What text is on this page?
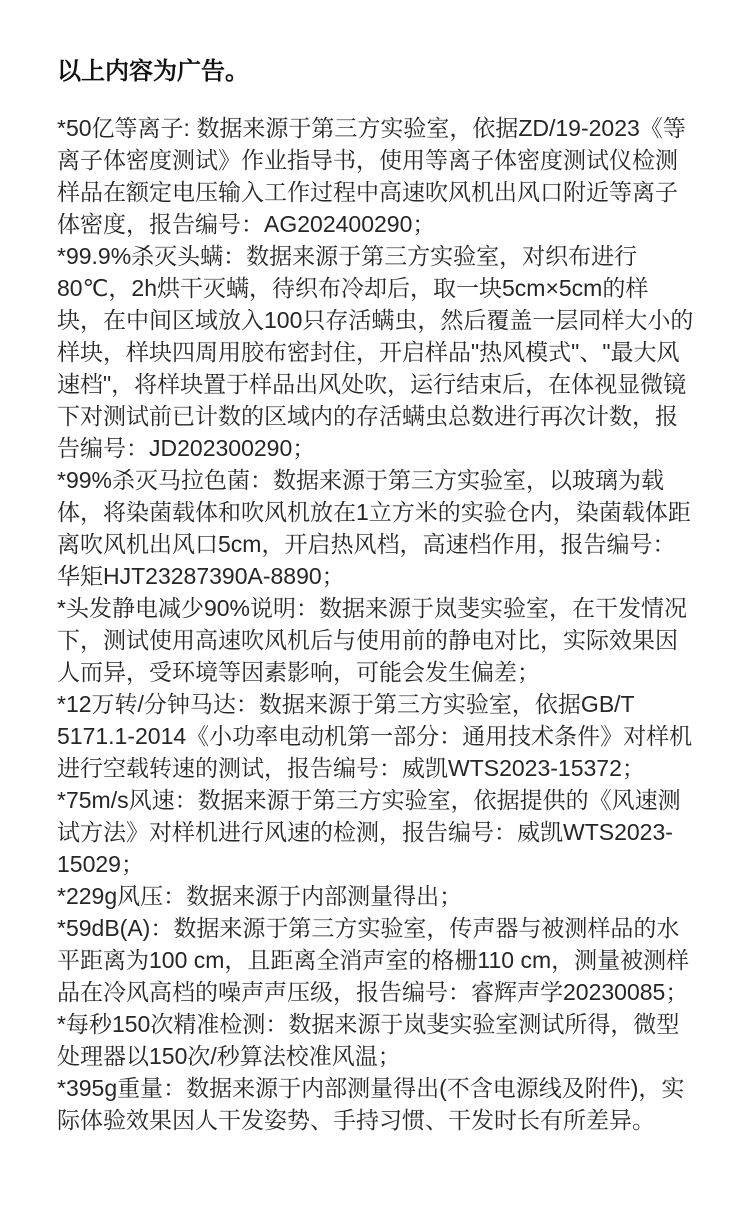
以上内容为广告。

*50亿等离子: 数据来源于第三方实验室，依据ZD/19-2023《等离子体密度测试》作业指导书，使用等离子体密度测试仪检测样品在额定电压输入工作过程中高速吹风机出风口附近等离子体密度，报告编号：AG202400290；

*99.9%杀灭头螨：数据来源于第三方实验室，对织布进行80℃，2h烘干灭螨，待织布冷却后，取一块5cm×5cm的样块，在中间区域放入100只存活螨虫，然后覆盖一层同样大小的样块，样块四周用胶布密封住，开启样品"热风模式"、"最大风速档"，将样块置于样品出风处吹，运行结束后，在体视显微镜下对测试前已计数的区域内的存活螨虫总数进行再次计数，报告编号：JD202300290；

*99%杀灭马拉色菌：数据来源于第三方实验室，以玻璃为载体，将染菌载体和吹风机放在1立方米的实验仓内，染菌载体距离吹风机出风口5cm，开启热风档，高速档作用，报告编号：华矩HJT23287390A-8890；

*头发静电减少90%说明：数据来源于岚斐实验室，在干发情况下，测试使用高速吹风机后与使用前的静电对比，实际效果因人而异，受环境等因素影响，可能会发生偏差；

*12万转/分钟马达：数据来源于第三方实验室，依据GB/T 5171.1-2014《小功率电动机第一部分：通用技术条件》对样机进行空载转速的测试，报告编号：威凯WTS2023-15372；

*75m/s风速：数据来源于第三方实验室，依据提供的《风速测试方法》对样机进行风速的检测，报告编号：威凯WTS2023-15029；

*229g风压：数据来源于内部测量得出；

*59dB(A)：数据来源于第三方实验室，传声器与被测样品的水平距离为100 cm，且距离全消声室的格栅110 cm，测量被测样品在冷风高档的噪声声压级，报告编号：睿辉声学20230085；

*每秒150次精准检测：数据来源于岚斐实验室测试所得，微型处理器以150次/秒算法校准风温；

*395g重量：数据来源于内部测量得出(不含电源线及附件)，实际体验效果因人干发姿势、手持习惯、干发时长有所差异。
